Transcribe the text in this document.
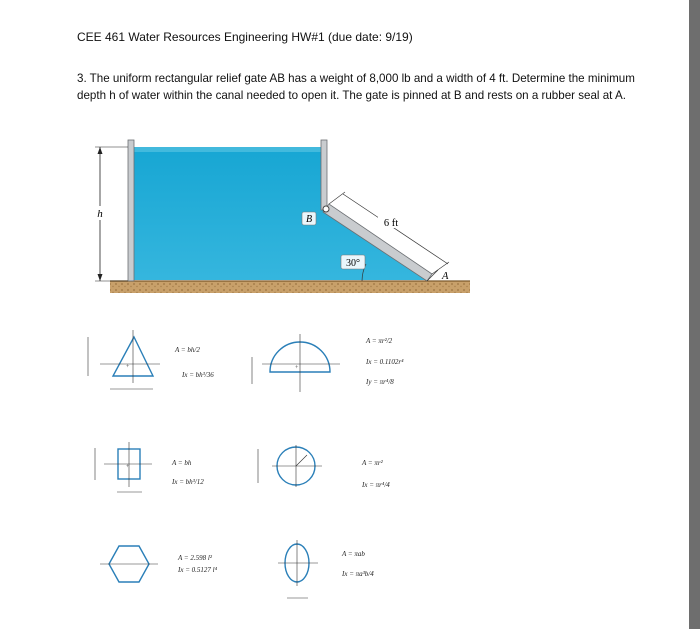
CEE 461 Water Resources Engineering HW#1 (due date: 9/19)
3. The uniform rectangular relief gate AB has a weight of 8,000 lb and a width of 4 ft. Determine the minimum depth h of water within the canal needed to open it. The gate is pinned at B and rests on a rubber seal at A.
h	B	6 ft
30°
A
+	+
+
A = bh/2
Ix = bh³/36
A = πr²/2
Ix = 0.1102r⁴
Iy = πr⁴/8
A = bh
Ix = bh³/12
A = πr²
Ix = πr⁴/4
A = 2.598 l²
Ix = 0.5127 l⁴
A = πab
Ix = πa³b/4
